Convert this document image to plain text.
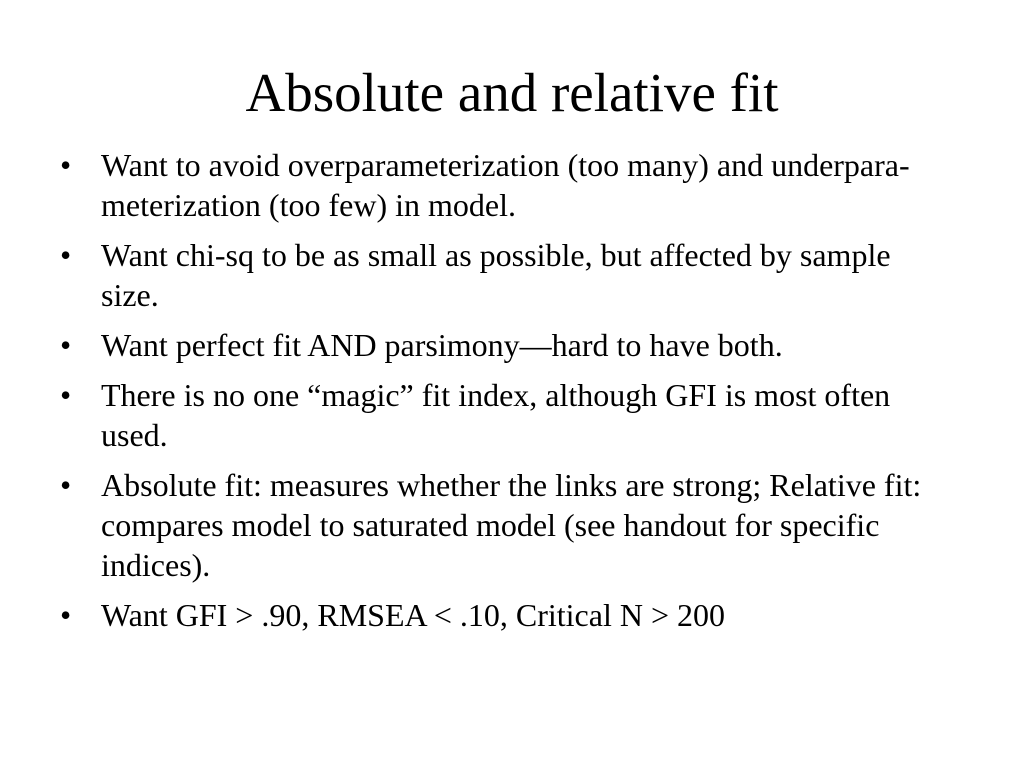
Absolute and relative fit
• Want to avoid overparameterization (too many) and underpara-meterization (too few) in model.
• Want chi-sq to be as small as possible, but affected by sample size.
• Want perfect fit AND parsimony—hard to have both.
• There is no one “magic” fit index, although GFI is most often used.
• Absolute fit: measures whether the links are strong; Relative fit: compares model to saturated model (see handout for specific indices).
• Want GFI > .90, RMSEA < .10, Critical N > 200
